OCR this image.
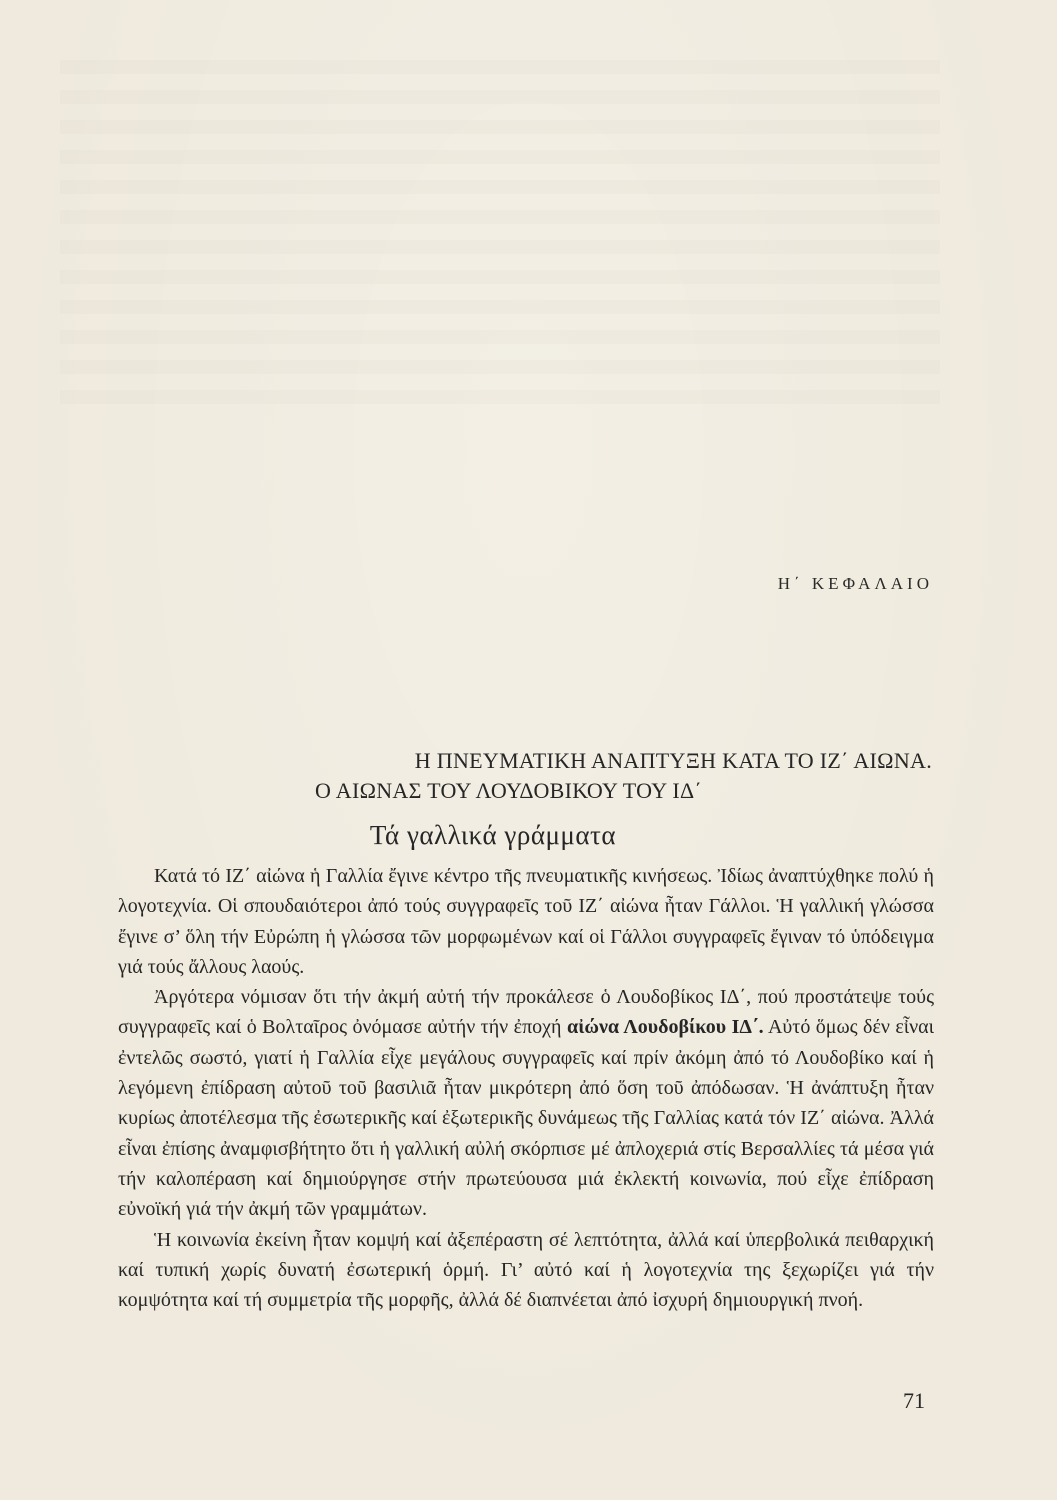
Η΄ ΚΕΦΑΛΑΙΟ
Η ΠΝΕΥΜΑΤΙΚΗ ΑΝΑΠΤΥΞΗ ΚΑΤΑ ΤΟ ΙΖ΄ ΑΙΩΝΑ.
Ο ΑΙΩΝΑΣ ΤΟΥ ΛΟΥΔΟΒΙΚΟΥ ΤΟΥ ΙΔ΄
Τά γαλλικά γράμματα

Κατά τό ΙΖ΄ αἰώνα ἡ Γαλλία ἔγινε κέντρο τῆς πνευματικῆς κινήσεως. Ἰδίως ἀναπτύχθηκε πολύ ἡ λογοτεχνία. Οἱ σπουδαιότεροι ἀπό τούς συγγραφεῖς τοῦ ΙΖ΄ αἰώνα ἦταν Γάλλοι. Ἡ γαλλική γλώσσα ἔγινε σ’ ὅλη τήν Εὐρώπη ἡ γλώσσα τῶν μορφωμένων καί οἱ Γάλλοι συγγραφεῖς ἔγιναν τό ὑπόδειγμα γιά τούς ἄλλους λαούς.

Ἀργότερα νόμισαν ὅτι τήν ἀκμή αὐτή τήν προκάλεσε ὁ Λουδοβίκος ΙΔ΄, πού προστάτεψε τούς συγγραφεῖς καί ὁ Βολταῖρος ὀνόμασε αὐτήν τήν ἐποχή αἰώνα Λουδοβίκου ΙΔ΄. Αὐτό ὅμως δέν εἶναι ἐντελῶς σωστό, γιατί ἡ Γαλλία εἶχε μεγάλους συγγραφεῖς καί πρίν ἀκόμη ἀπό τό Λουδοβίκο καί ἡ λεγόμενη ἐπίδραση αὐτοῦ τοῦ βασιλιᾶ ἦταν μικρότερη ἀπό ὅση τοῦ ἀπόδωσαν. Ἡ ἀνάπτυξη ἦταν κυρίως ἀποτέλεσμα τῆς ἐσωτερικῆς καί ἐξωτερικῆς δυνάμεως τῆς Γαλλίας κατά τόν ΙΖ΄ αἰώνα. Ἀλλά εἶναι ἐπίσης ἀναμφισβήτητο ὅτι ἡ γαλλική αὐλή σκόρπισε μέ ἀπλοχεριά στίς Βερσαλλίες τά μέσα γιά τήν καλοπέραση καί δημιούργησε στήν πρωτεύουσα μιά ἐκλεκτή κοινωνία, πού εἶχε ἐπίδραση εὐνοϊκή γιά τήν ἀκμή τῶν γραμμάτων.

Ἡ κοινωνία ἐκείνη ἦταν κομψή καί ἀξεπέραστη σέ λεπτότητα, ἀλλά καί ὑπερβολικά πειθαρχική καί τυπική χωρίς δυνατή ἐσωτερική ὁρμή. Γι’ αὐτό καί ἡ λογοτεχνία της ξεχωρίζει γιά τήν κομψότητα καί τή συμμετρία τῆς μορφῆς, ἀλλά δέ διαπνέεται ἀπό ἰσχυρή δημιουργική πνοή.

71
